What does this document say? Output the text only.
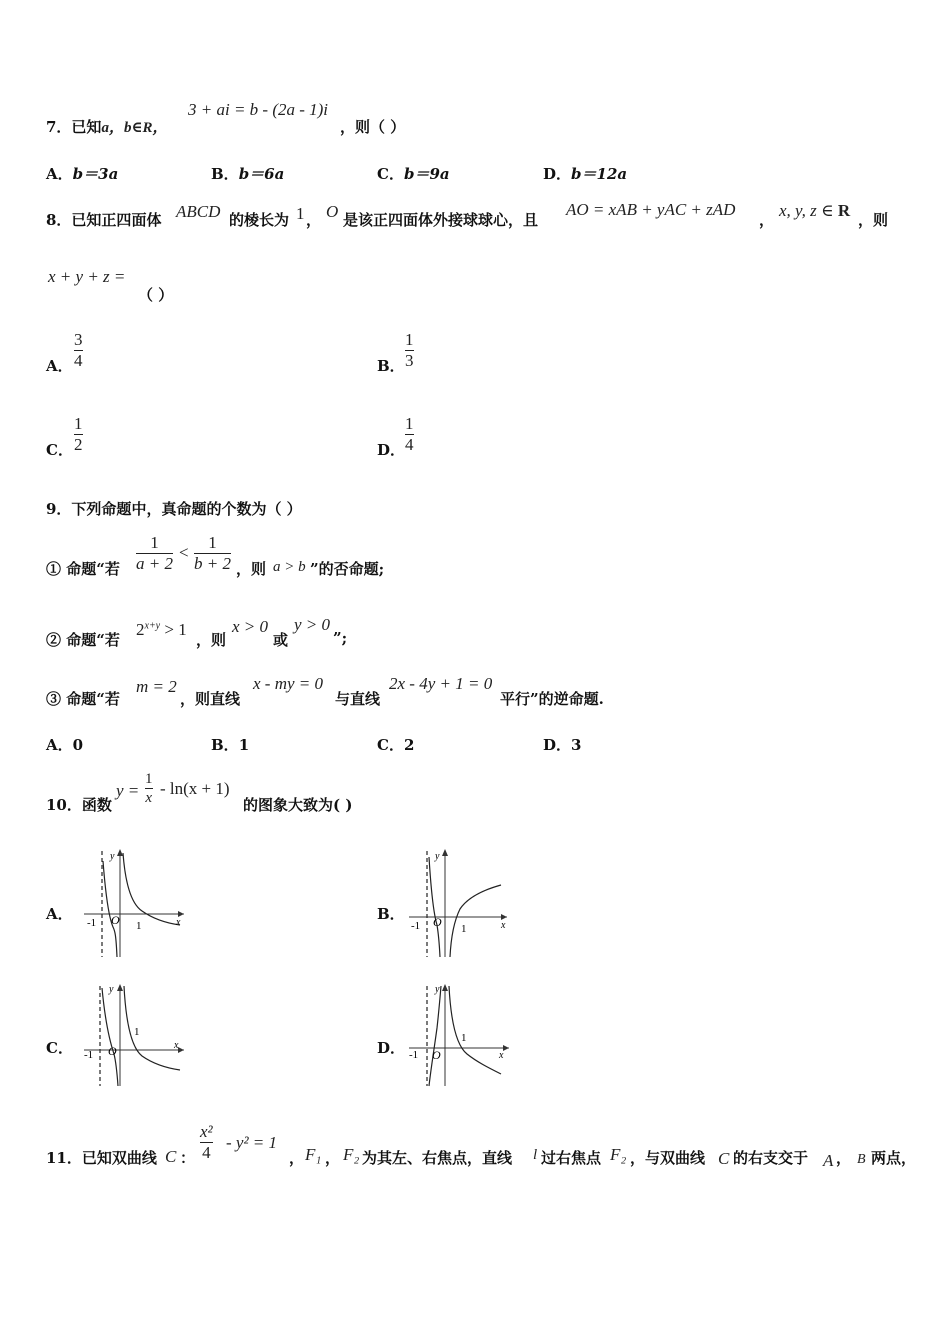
7．已知a，b∈R，
3 + ai = b - (2a - 1)i
，则（ ）
A．b＝3a	B．b＝6a	C．b＝9a	D．b＝12a
8．已知正四面体 ABCD 的棱长为 1 ， O 是该正四面体外接球球心，且
AO = xAB + yAC + zAD
， x, y, z ∈ R ，则
x + y + z =
（ ）
A． $\frac{3}{4}$	B． $\frac{1}{3}$
C． $\frac{1}{2}$	D． $\frac{1}{4}$
9．下列命题中，真命题的个数为（ ）
① 命题“若 $\frac{1}{a + 2} < \frac{1}{b + 2}$ ，则 a > b ”的否命题;
② 命题“若
$2^{x+y} > 1$
，则
x > 0
或
y > 0
”;
③ 命题“若
m = 2
，则直线
x - my = 0
与直线
2x - 4y + 1 = 0
平行”的逆命题.
A．0	B．1	C．2	D．3
10．函数
$y = \frac{1}{x} - \ln(x + 1)$
的图象大致为( )
A．	B．
C．	D．
-1 O 1
y
x	-1 O 1
y
x
-1 O
1
y
x
-1 O
1
y
x
11．已知双曲线 C ： $\frac{\text{x²}}{4} - y^2 = 1$
， F₁ ， F₂ 为其左、右焦点，直线 l 过右焦点 F₂ ，与双曲线 C 的右支交于 A ， B 两点，
